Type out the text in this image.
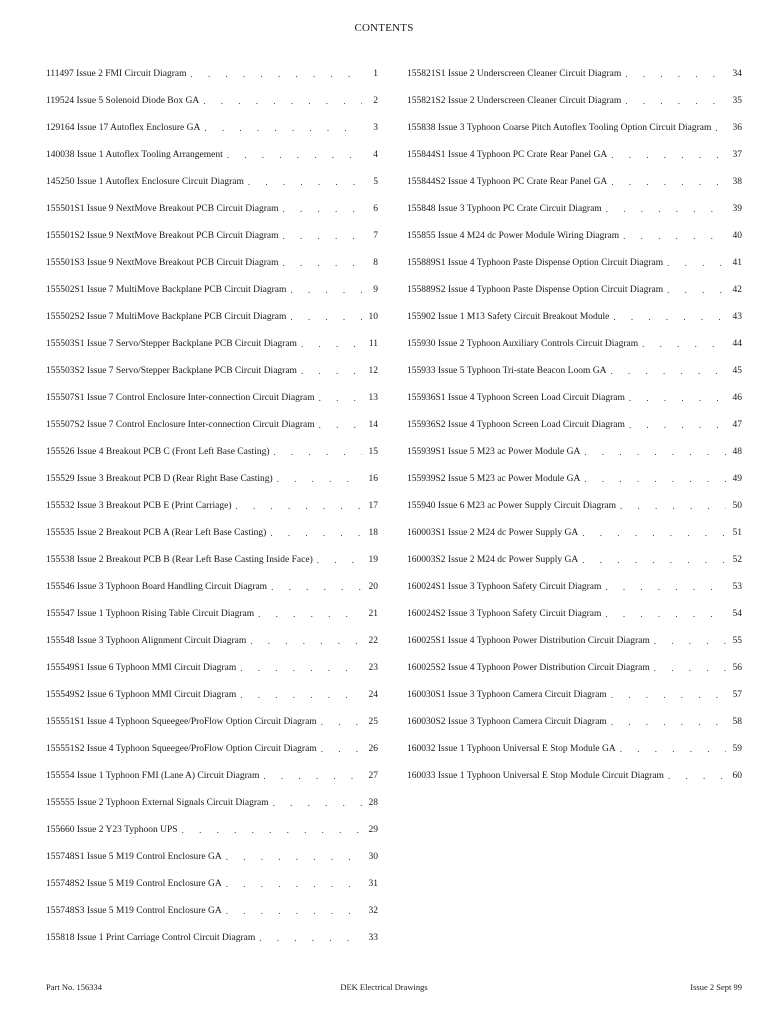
CONTENTS
111497 Issue 2 FMI Circuit Diagram . . .	1
119524 Issue 5 Solenoid Diode Box GA . . .	2
129164 Issue 17 Autoflex Enclosure GA . . .	3
140038 Issue 1 Autoflex Tooling Arrangement . . .	4
145250 Issue 1 Autoflex Enclosure Circuit Diagram . . .	5
155501S1 Issue 9 NextMove Breakout PCB Circuit Diagram . . .	6
155501S2 Issue 9 NextMove Breakout PCB Circuit Diagram . . .	7
155501S3 Issue 9 NextMove Breakout PCB Circuit Diagram . . .	8
155502S1 Issue 7 MultiMove Backplane PCB Circuit Diagram . . .	9
155502S2 Issue 7 MultiMove Backplane PCB Circuit Diagram . . .	10
155503S1 Issue 7 Servo/Stepper Backplane PCB Circuit Diagram . . .	11
155503S2 Issue 7 Servo/Stepper Backplane PCB Circuit Diagram . . .	12
155507S1 Issue 7 Control Enclosure Inter-connection Circuit Diagram . . .	13
155507S2 Issue 7 Control Enclosure Inter-connection Circuit Diagram . . .	14
155526 Issue 4 Breakout PCB C (Front Left Base Casting) . . .	15
155529 Issue 3 Breakout PCB D (Rear Right Base Casting) . . .	16
155532 Issue 3 Breakout PCB E (Print Carriage) . . .	17
155535 Issue 2 Breakout PCB A (Rear Left Base Casting) . . .	18
155538 Issue 2 Breakout PCB B (Rear Left Base Casting Inside Face) . . .	19
155546 Issue 3 Typhoon Board Handling Circuit Diagram . . .	20
155547 Issue 1 Typhoon Rising Table Circuit Diagram . . .	21
155548 Issue 3 Typhoon Alignment Circuit Diagram . . .	22
155549S1 Issue 6 Typhoon MMI Circuit Diagram . . .	23
155549S2 Issue 6 Typhoon MMI Circuit Diagram . . .	24
155551S1 Issue 4 Typhoon Squeegee/ProFlow Option Circuit Diagram . . .	25
155551S2 Issue 4 Typhoon Squeegee/ProFlow Option Circuit Diagram . . .	26
155554 Issue 1 Typhoon FMI (Lane A) Circuit Diagram . . .	27
155555 Issue 2 Typhoon External Signals Circuit Diagram . . .	28
155660 Issue 2 Y23 Typhoon UPS . . .	29
155748S1 Issue 5 M19 Control Enclosure GA . . .	30
155748S2 Issue 5 M19 Control Enclosure GA . . .	31
155748S3 Issue 5 M19 Control Enclosure GA . . .	32
155818 Issue 1 Print Carriage Control Circuit Diagram . . .	33
155821S1 Issue 2 Underscreen Cleaner Circuit Diagram . . .	34
155821S2 Issue 2 Underscreen Cleaner Circuit Diagram . . .	35
155838 Issue 3 Typhoon Coarse Pitch Autoflex Tooling Option Circuit Diagram . . .	36
155844S1 Issue 4 Typhoon PC Crate Rear Panel GA . . .	37
155844S2 Issue 4 Typhoon PC Crate Rear Panel GA . . .	38
155848 Issue 3 Typhoon PC Crate Circuit Diagram . . .	39
155855 Issue 4 M24 dc Power Module Wiring Diagram . . .	40
155889S1 Issue 4 Typhoon Paste Dispense Option Circuit Diagram . . .	41
155889S2 Issue 4 Typhoon Paste Dispense Option Circuit Diagram . . .	42
155902 Issue 1 M13 Safety Circuit Breakout Module . . .	43
155930 Issue 2 Typhoon Auxiliary Controls Circuit Diagram . . .	44
155933 Issue 5 Typhoon Tri-state Beacon Loom GA . . .	45
155936S1 Issue 4 Typhoon Screen Load Circuit Diagram . . .	46
155936S2 Issue 4 Typhoon Screen Load Circuit Diagram . . .	47
155939S1 Issue 5 M23 ac Power Module GA . . .	48
155939S2 Issue 5 M23 ac Power Module GA . . .	49
155940 Issue 6 M23 ac Power Supply Circuit Diagram . . .	50
160003S1 Issue 2 M24 dc Power Supply GA . . .	51
160003S2 Issue 2 M24 dc Power Supply GA . . .	52
160024S1 Issue 3 Typhoon Safety Circuit Diagram . . .	53
160024S2 Issue 3 Typhoon Safety Circuit Diagram . . .	54
160025S1 Issue 4 Typhoon Power Distribution Circuit Diagram . . .	55
160025S2 Issue 4 Typhoon Power Distribution Circuit Diagram . . .	56
160030S1 Issue 3 Typhoon Camera Circuit Diagram . . .	57
160030S2 Issue 3 Typhoon Camera Circuit Diagram . . .	58
160032 Issue 1 Typhoon Universal E Stop Module GA . . .	59
160033 Issue 1 Typhoon Universal E Stop Module Circuit Diagram . . .	60
Part No. 156334	DEK Electrical Drawings	Issue 2 Sept 99
